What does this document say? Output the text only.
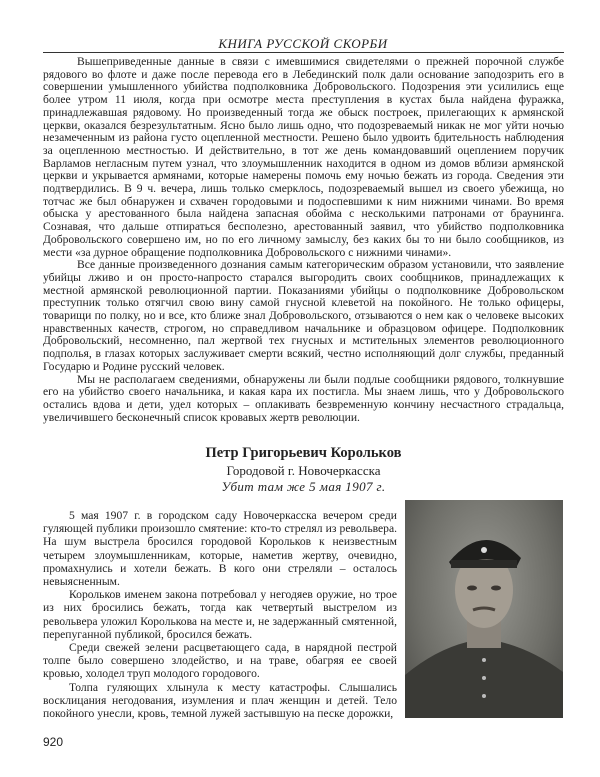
КНИГА РУССКОЙ СКОРБИ

Вышеприведенные данные в связи с имевшимися свидетелями о прежней порочной службе рядового во флоте и даже после перевода его в Лебединский полк дали основание заподозрить его в совершении умышленного убийства подполковника Добровольского. Подозрения эти усилились еще более утром 11 июля, когда при осмотре места преступления в кустах была найдена фуражка, принадлежавшая рядовому. Но произведенный тогда же обыск построек, прилегающих к армянской церкви, оказался безрезультатным. Ясно было лишь одно, что подозреваемый никак не мог уйти ночью незамеченным из района густо оцепленной местности. Решено было удвоить бдительность наблюдения за оцепленною местностью. И действительно, в тот же день командовавший оцеплением поручик Варламов негласным путем узнал, что злоумышленник находится в одном из домов вблизи армянской церкви и укрывается армянами, которые намерены помочь ему ночью бежать из города. Сведения эти подтвердились. В 9 ч. вечера, лишь только смерклось, подозреваемый вышел из своего убежища, но тотчас же был обнаружен и схвачен городовыми и подоспевшими к ним нижними чинами. Во время обыска у арестованного была найдена запасная обойма с несколькими патронами от браунинга. Сознавая, что дальше отпираться бесполезно, арестованный заявил, что убийство подполковника Добровольского совершено им, но по его личному замыслу, без каких бы то ни было сообщников, из мести «за дурное обращение подполковника Добровольского с нижними чинами».

Все данные произведенного дознания самым категорическим образом установили, что заявление убийцы лживо и он просто-напросто старался выгородить своих сообщников, принадлежащих к местной армянской революционной партии. Показаниями убийцы о подполковнике Добровольском преступник только отягчил свою вину самой гнусной клеветой на покойного. Не только офицеры, товарищи по полку, но и все, кто ближе знал Добровольского, отзываются о нем как о человеке высоких нравственных качеств, строгом, но справедливом начальнике и образцовом офицере. Подполковник Добровольский, несомненно, пал жертвой тех гнусных и мстительных элементов революционного подполья, в глазах которых заслуживает смерти всякий, честно исполняющий долг службы, преданный Государю и Родине русский человек.

Мы не располагаем сведениями, обнаружены ли были подлые сообщники рядового, толкнувшие его на убийство своего начальника, и какая кара их постигла. Мы знаем лишь, что у Добровольского остались вдова и дети, удел которых – оплакивать безвременную кончину несчастного страдальца, увеличившего бесконечный список кровавых жертв революции.

Петр Григорьевич Корольков

Городовой г. Новочеркасска

Убит там же 5 мая 1907 г.

5 мая 1907 г. в городском саду Новочеркасска вечером среди гуляющей публики произошло смятение: кто-то стрелял из револьвера. На шум выстрела бросился городовой Корольков к неизвестным четырем злоумышленникам, которые, наметив жертву, очевидно, промахнулись и хотели бежать. В кого они стреляли – осталось невыясненным.

Корольков именем закона потребовал у негодяев оружие, но трое из них бросились бежать, тогда как четвертый выстрелом из револьвера уложил Королькова на месте и, не задержанный смятенной, перепуганной публикой, бросился бежать.

Среди свежей зелени расцветающего сада, в нарядной пестрой толпе было совершено злодейство, и на траве, обагряя ее своей кровью, холодел труп молодого городового.

Толпа гуляющих хлынула к месту катастрофы. Слышались восклицания негодования, изумления и плач женщин и детей. Тело покойного унесли, кровь, темной лужей застывшую на песке дорожки,

920
